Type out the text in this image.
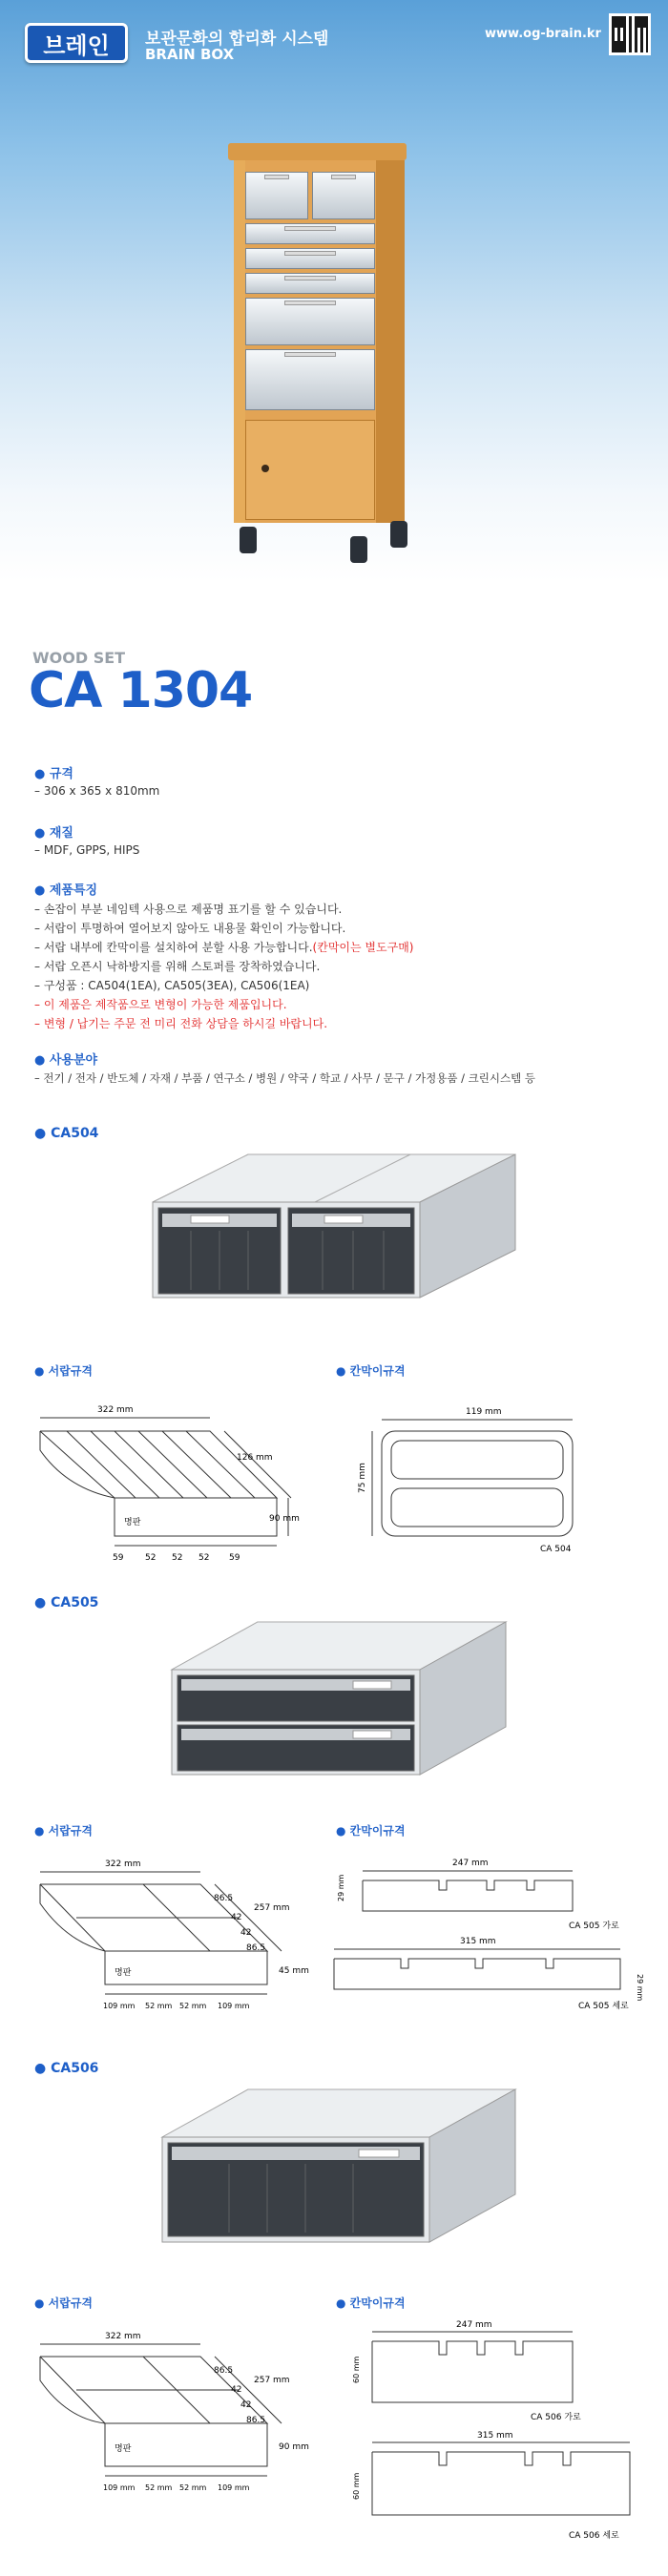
브레인	보관문화의 합리화 시스템
BRAIN BOX
www.og-brain.kr
WOOD SET
CA 1304
● 규격
– 306 x 365 x 810mm
● 재질
– MDF, GPPS, HIPS
● 제품특징
– 손잡이 부분 네임텍 사용으로 제품명 표기를 할 수 있습니다.
– 서랍이 투명하여 열어보지 않아도 내용물 확인이 가능합니다.
– 서랍 내부에 칸막이를 설치하여 분할 사용 가능합니다.(칸막이는 별도구매)
– 서랍 오픈시 낙하방지를 위해 스토퍼를 장착하였습니다.
– 구성품 : CA504(1EA), CA505(3EA), CA506(1EA)
– 이 제품은 제작품으로 변형이 가능한 제품입니다.
– 변형 / 납기는 주문 전 미리 전화 상담을 하시길 바랍니다.
● 사용분야
– 전기 / 전자 / 반도체 / 자재 / 부품 / 연구소 / 병원 / 약국 / 학교 / 사무 / 문구 / 가정용품 / 크린시스템 등
● CA504
● 서랍규격	● 칸막이규격
322 mm
126 mm
90 mm
명판
59	52 52 52 59
119 mm
75 mm
CA 504
● CA505
● 서랍규격	● 칸막이규격
322 mm
257 mm
86.5
42
42
86.5
45 mm
명판
109 mm 52 mm 52 mm 109 mm
247 mm
29 mm
CA 505 가로
315 mm
29 mm
CA 505 세로
● CA506
● 서랍규격	● 칸막이규격
322 mm
257 mm
86.5
42
42
86.5
90 mm
명판
109 mm 52 mm 52 mm 109 mm
247 mm
60 mm
CA 506 가로
315 mm
60 mm
CA 506 세로
